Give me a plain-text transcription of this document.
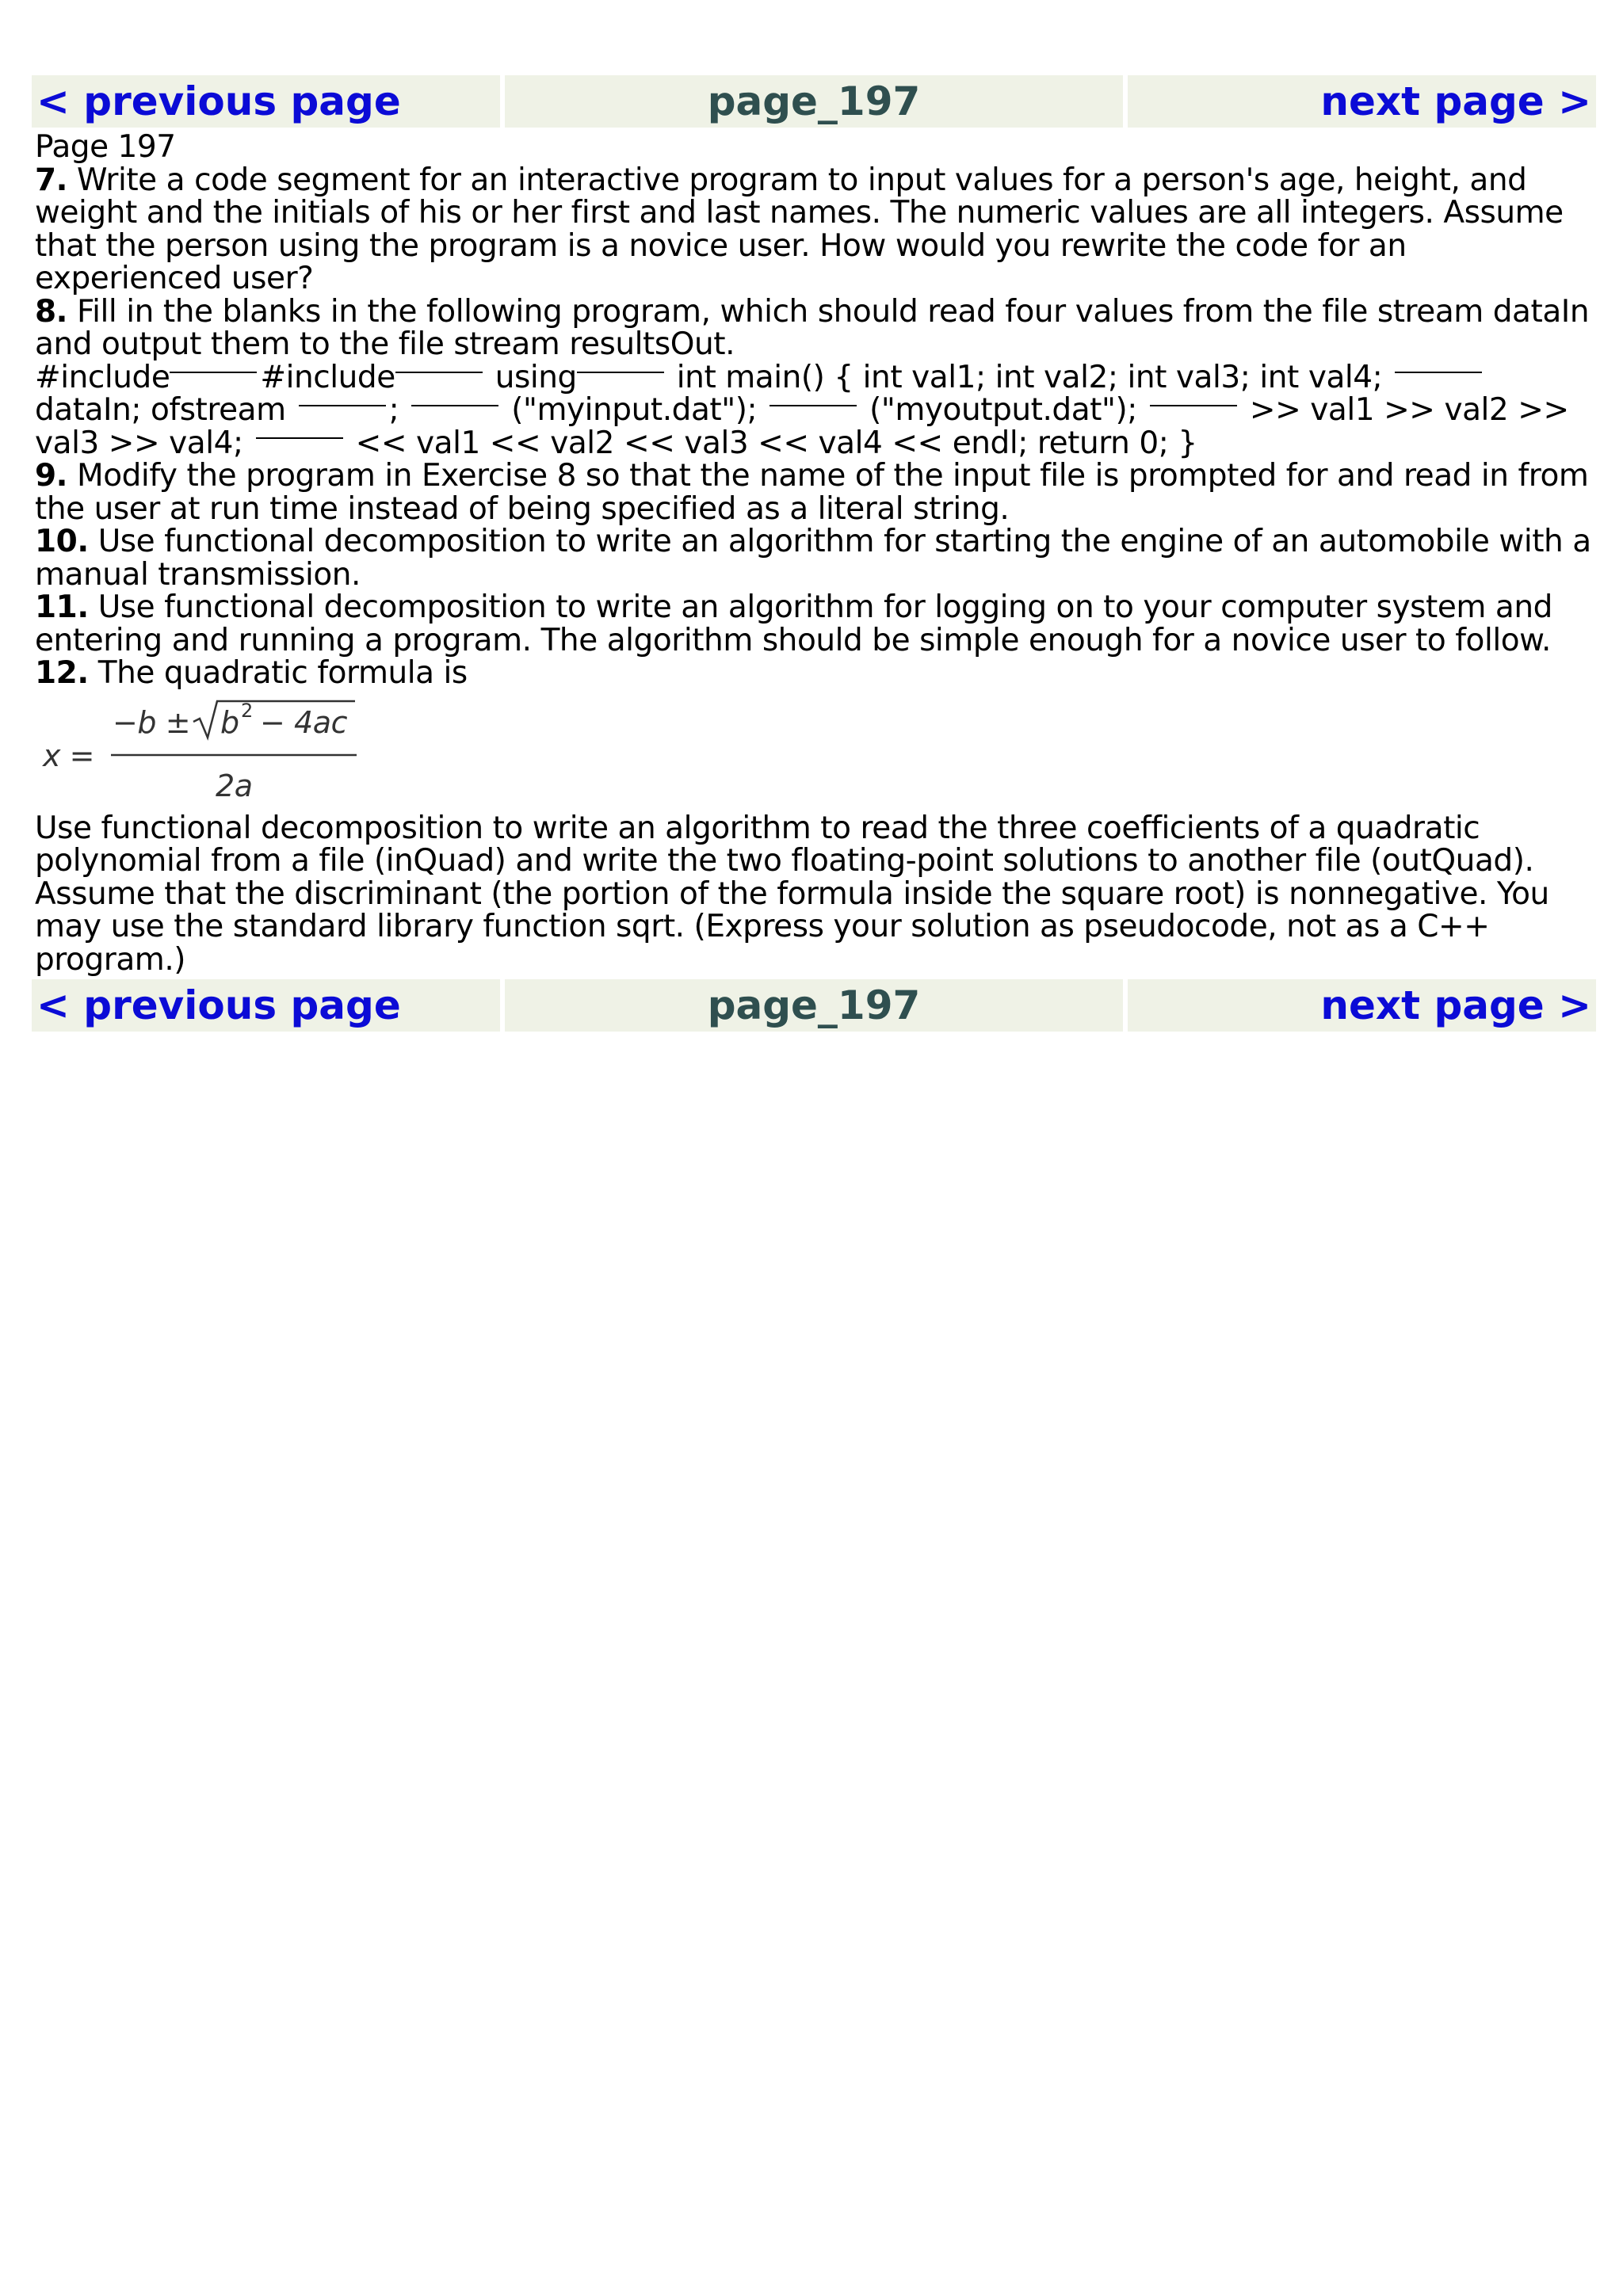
< previous page	page_197	next page >

Page 197

7. Write a code segment for an interactive program to input values for a person's age, height, and weight and the initials of his or her first and last names. The numeric values are all integers. Assume that the person using the program is a novice user. How would you rewrite the code for an experienced user?

8. Fill in the blanks in the following program, which should read four values from the file stream dataIn and output them to the file stream resultsOut.

#include	#include	using	int main() { int val1; int val2; int val3; int val4;  dataIn; ofstream	;	("myinput.dat");	("myoutput.dat");	>> val1 >> val2 >> val3 >> val4;	<< val1 << val2 << val3 << val4 << endl; return 0; }

9. Modify the program in Exercise 8 so that the name of the input file is prompted for and read in from the user at run time instead of being specified as a literal string.

10. Use functional decomposition to write an algorithm for starting the engine of an automobile with a manual transmission.

11. Use functional decomposition to write an algorithm for logging on to your computer system and entering and running a program. The algorithm should be simple enough for a novice user to follow.

12. The quadratic formula is

x =
−b ± b 2 − 4ac
2a

Use functional decomposition to write an algorithm to read the three coefficients of a quadratic polynomial from a file (inQuad) and write the two floating-point solutions to another file (outQuad). Assume that the discriminant (the portion of the formula inside the square root) is nonnegative. You may use the standard library function sqrt. (Express your solution as pseudocode, not as a C++ program.)

< previous page	page_197	next page >
